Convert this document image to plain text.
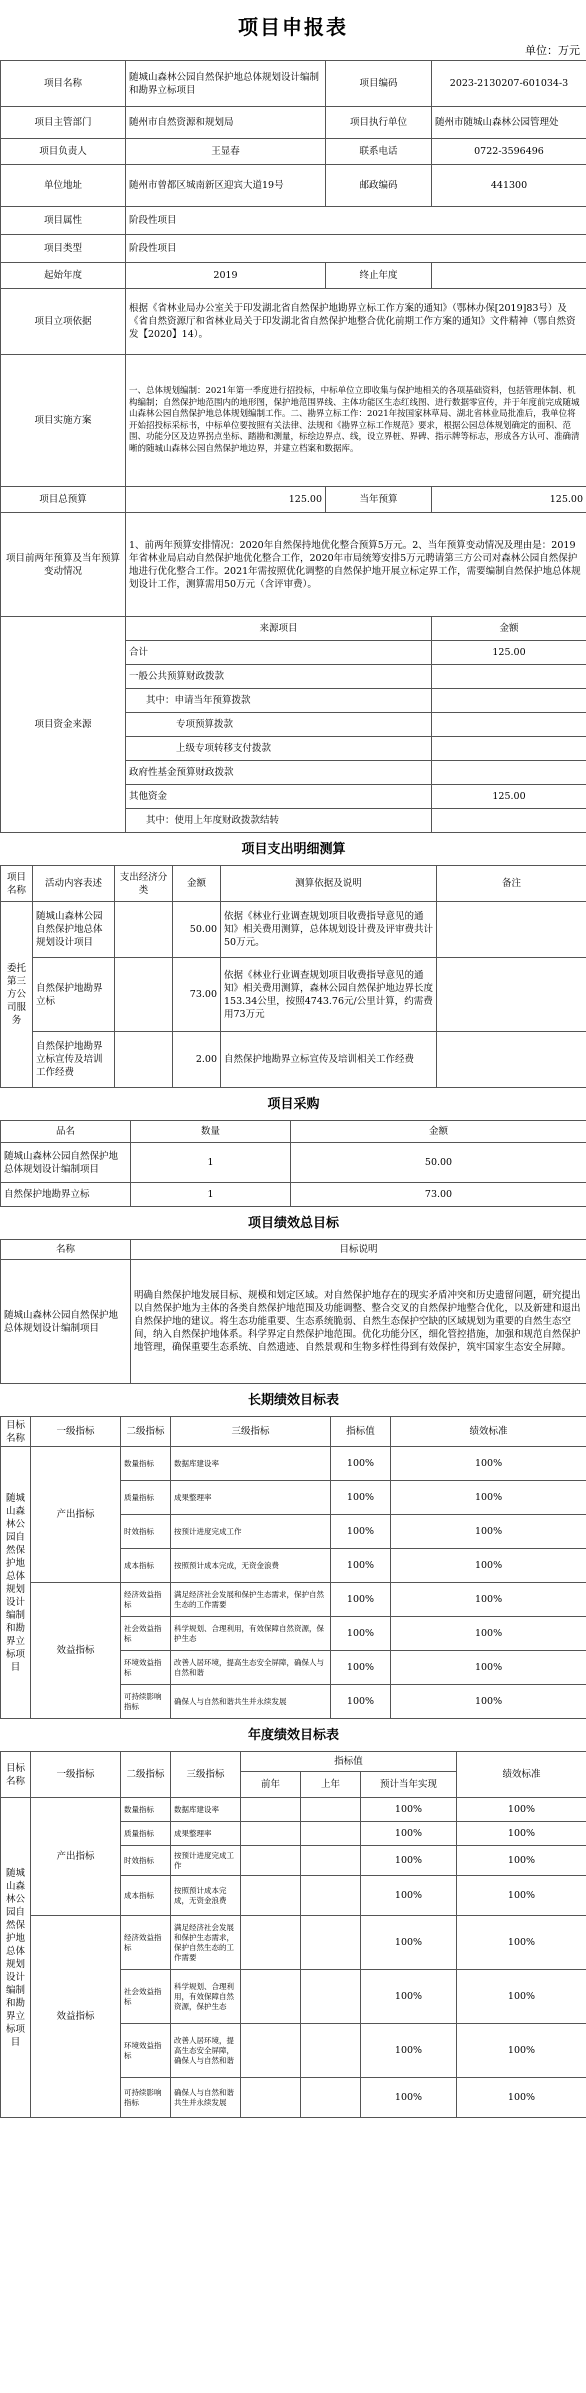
项目申报表
单位：万元
项目名称	随城山森林公园自然保护地总体规划设计编制和勘界立标项目	项目编码	2023-2130207-601034-3
项目主管部门	随州市自然资源和规划局	项目执行单位	随州市随城山森林公园管理处
项目负责人	王显春	联系电话	0722-3596496
单位地址	随州市曾都区城南新区迎宾大道19号	邮政编码	441300
项目属性	阶段性项目		
项目类型	阶段性项目		
起始年度	2019	终止年度	
项目立项依据	根据《省林业局办公室关于印发湖北省自然保护地勘界立标工作方案的通知》（鄂林办保[2019]83号）及《省自然资源厅和省林业局关于印发湖北省自然保护地整合优化前期工作方案的通知》文件精神（鄂自然资发【2020】14）。		
项目实施方案	一、总体规划编制：2021年第一季度进行招投标，中标单位立即收集与保护地相关的各项基础资料，包括管理体制、机构编制；自然保护地范围内的地形图，保护地范围界线、主体功能区生态红线图、进行数据零宣传，并于年度前完成随城山森林公园自然保护地总体规划编制工作。二、勘界立标工作：2021年按国家林草局、湖北省林业局批准后，我单位将开始招投标采标书，中标单位要按照有关法律、法规和《勘界立标工作规范》要求，根据公园总体规划确定的面积、范围、功能分区及边界拐点坐标、踏勘和测量，标绘边界点、线，设立界桩、界碑、指示牌等标志，形成各方认可、准确清晰的随城山森林公园自然保护地边界，并建立档案和数据库。		
项目总预算	125.00	当年预算	125.00
项目前两年预算及当年预算变动情况	1、前两年预算安排情况：2020年自然保持地优化整合预算5万元。2、当年预算变动情况及理由是：2019年省林业局启动自然保护地优化整合工作，2020年市局统筹安排5万元聘请第三方公司对森林公园自然保护地进行优化整合工作。2021年需按照优化调整的自然保护地开展立标定界工作，需要编制自然保护地总体规划设计工作，测算需用50万元（含评审费）。		
项目资金来源	来源项目	金额
	合计	125.00
	一般公共预算财政拨款	
	其中：申请当年预算拨款	
	专项预算拨款	
	上级专项转移支付拨款	
	政府性基金预算财政拨款	
	其他资金	125.00
	其中：使用上年度财政拨款结转	
项目支出明细测算					
项目名称	活动内容表述	支出经济分类	金额	测算依据及说明	备注
委托第三方公司服务	随城山森林公园自然保护地总体规划设计项目		50.00	依据《林业行业调查规划项目收费指导意见的通知》相关费用测算，总体规划设计费及评审费共计50万元。	
	自然保护地勘界立标		73.00	依据《林业行业调查规划项目收费指导意见的通知》相关费用测算，森林公园自然保护地边界长度153.34公里，按照4743.76元/公里计算，约需费用73万元	
	自然保护地勘界立标宣传及培训工作经费		2.00	自然保护地勘界立标宣传及培训相关工作经费	
项目采购		
品名	数量	金额
随城山森林公园自然保护地总体规划设计编制项目	1	50.00
自然保护地勘界立标	1	73.00
项目绩效总目标	
名称	目标说明
随城山森林公园自然保护地总体规划设计编制项目	明确自然保护地发展目标、规模和划定区域。对自然保护地存在的现实矛盾冲突和历史遗留问题，研究提出以自然保护地为主体的各类自然保护地范围及功能调整、整合交叉的自然保护地整合优化，以及新建和退出自然保护地的建议。将生态功能重要、生态系统脆弱、自然生态保护空缺的区域规划为重要的自然生态空间，纳入自然保护地体系。科学界定自然保护地范围。优化功能分区，细化管控措施，加强和规范自然保护地管理，确保重要生态系统、自然遗迹、自然景观和生物多样性得到有效保护，筑牢国家生态安全屏障。
长期绩效目标表					
目标名称	一级指标	二级指标	三级指标	指标值	绩效标准
随城山森林公园自然保护地总体规划设计编制和勘界立标项目	产出指标	数量指标	数据库建设率	100%	100%
		质量指标	成果整理率	100%	100%
		时效指标	按预计进度完成工作	100%	100%
		成本指标	按照预计成本完成，无资金浪费	100%	100%
	效益指标	经济效益指标	满足经济社会发展和保护生态需求，保护自然生态的工作需要	100%	100%
		社会效益指标	科学规划、合理利用，有效保障自然资源，保护生态	100%	100%
		环境效益指标	改善人居环境，提高生态安全屏障，确保人与自然和谐	100%	100%
		可持续影响指标	确保人与自然和谐共生并永续发展	100%	100%
年度绩效目标表							
目标名称	一级指标	二级指标	三级指标	指标值			绩效标准
				前年	上年	预计当年实现	
随城山森林公园自然保护地总体规划设计编制和勘界立标项目	产出指标	数量指标	数据库建设率			100%	100%
		质量指标	成果整理率			100%	100%
		时效指标	按预计进度完成工作			100%	100%
		成本指标	按照预计成本完成，无资金浪费			100%	100%
	效益指标	经济效益指标	满足经济社会发展和保护生态需求，保护自然生态的工作需要			100%	100%
		社会效益指标	科学规划、合理利用，有效保障自然资源，保护生态			100%	100%
		环境效益指标	改善人居环境，提高生态安全屏障，确保人与自然和谐			100%	100%
		可持续影响指标	确保人与自然和谐共生并永续发展			100%	100%
